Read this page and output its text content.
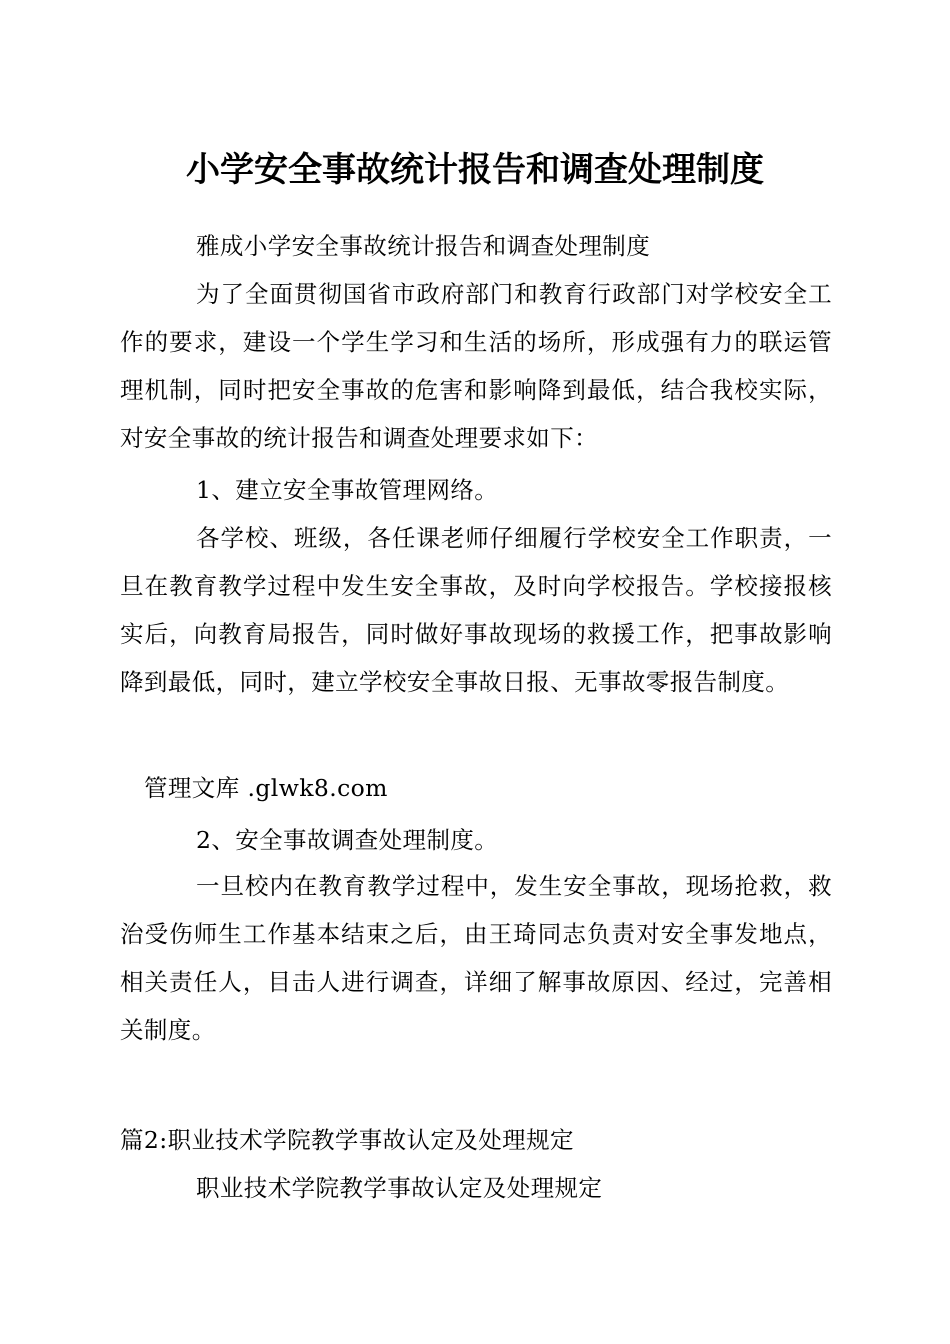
小学安全事故统计报告和调查处理制度

雅成小学安全事故统计报告和调查处理制度

为了全面贯彻国省市政府部门和教育行政部门对学校安全工作的要求，建设一个学生学习和生活的场所，形成强有力的联运管理机制，同时把安全事故的危害和影响降到最低，结合我校实际，对安全事故的统计报告和调查处理要求如下：

1、建立安全事故管理网络。

各学校、班级，各任课老师仔细履行学校安全工作职责，一旦在教育教学过程中发生安全事故，及时向学校报告。学校接报核实后，向教育局报告，同时做好事故现场的救援工作，把事故影响降到最低，同时，建立学校安全事故日报、无事故零报告制度。

管理文库 .glwk8.com

2、安全事故调查处理制度。

一旦校内在教育教学过程中，发生安全事故，现场抢救，救治受伤师生工作基本结束之后，由王琦同志负责对安全事发地点，相关责任人，目击人进行调查，详细了解事故原因、经过，完善相关制度。

篇2:职业技术学院教学事故认定及处理规定

职业技术学院教学事故认定及处理规定
